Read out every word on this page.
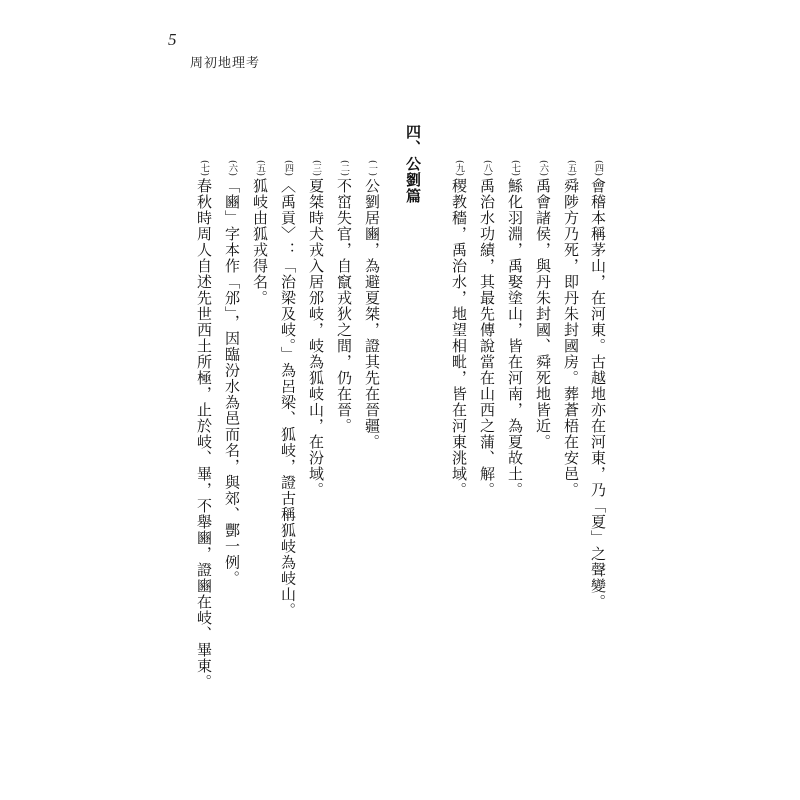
5
周初地理考
(四)會稽本稱茅山，在河東。古越地亦在河東，乃「夏」之聲變。
(五)舜陟方乃死，即丹朱封國房。葬蒼梧在安邑。
(六)禹會諸侯，與丹朱封國、舜死地皆近。
(七)鯀化羽淵，禹娶塗山，皆在河南，為夏故土。
(八)禹治水功績，其最先傳說當在山西之蒲、解。
(九)稷教穡，禹治水，地望相毗，皆在河東洮域。
四、公劉篇
(一)公劉居豳，為避夏桀，證其先在晉疆。
(二)不窋失官，自竄戎狄之間，仍在晉。
(三)夏桀時犬戎入居邠岐，岐為狐岐山，在汾域。
(四)〈禹貢〉：「治梁及岐。」為呂梁、狐岐，證古稱狐岐為岐山。
(五)狐岐由狐戎得名。
(六)「豳」字本作「邠」，因臨汾水為邑而名，與郊、酆一例。
(七)春秋時周人自述先世西土所極，止於岐、畢，不舉豳，證豳在岐、畢東。
